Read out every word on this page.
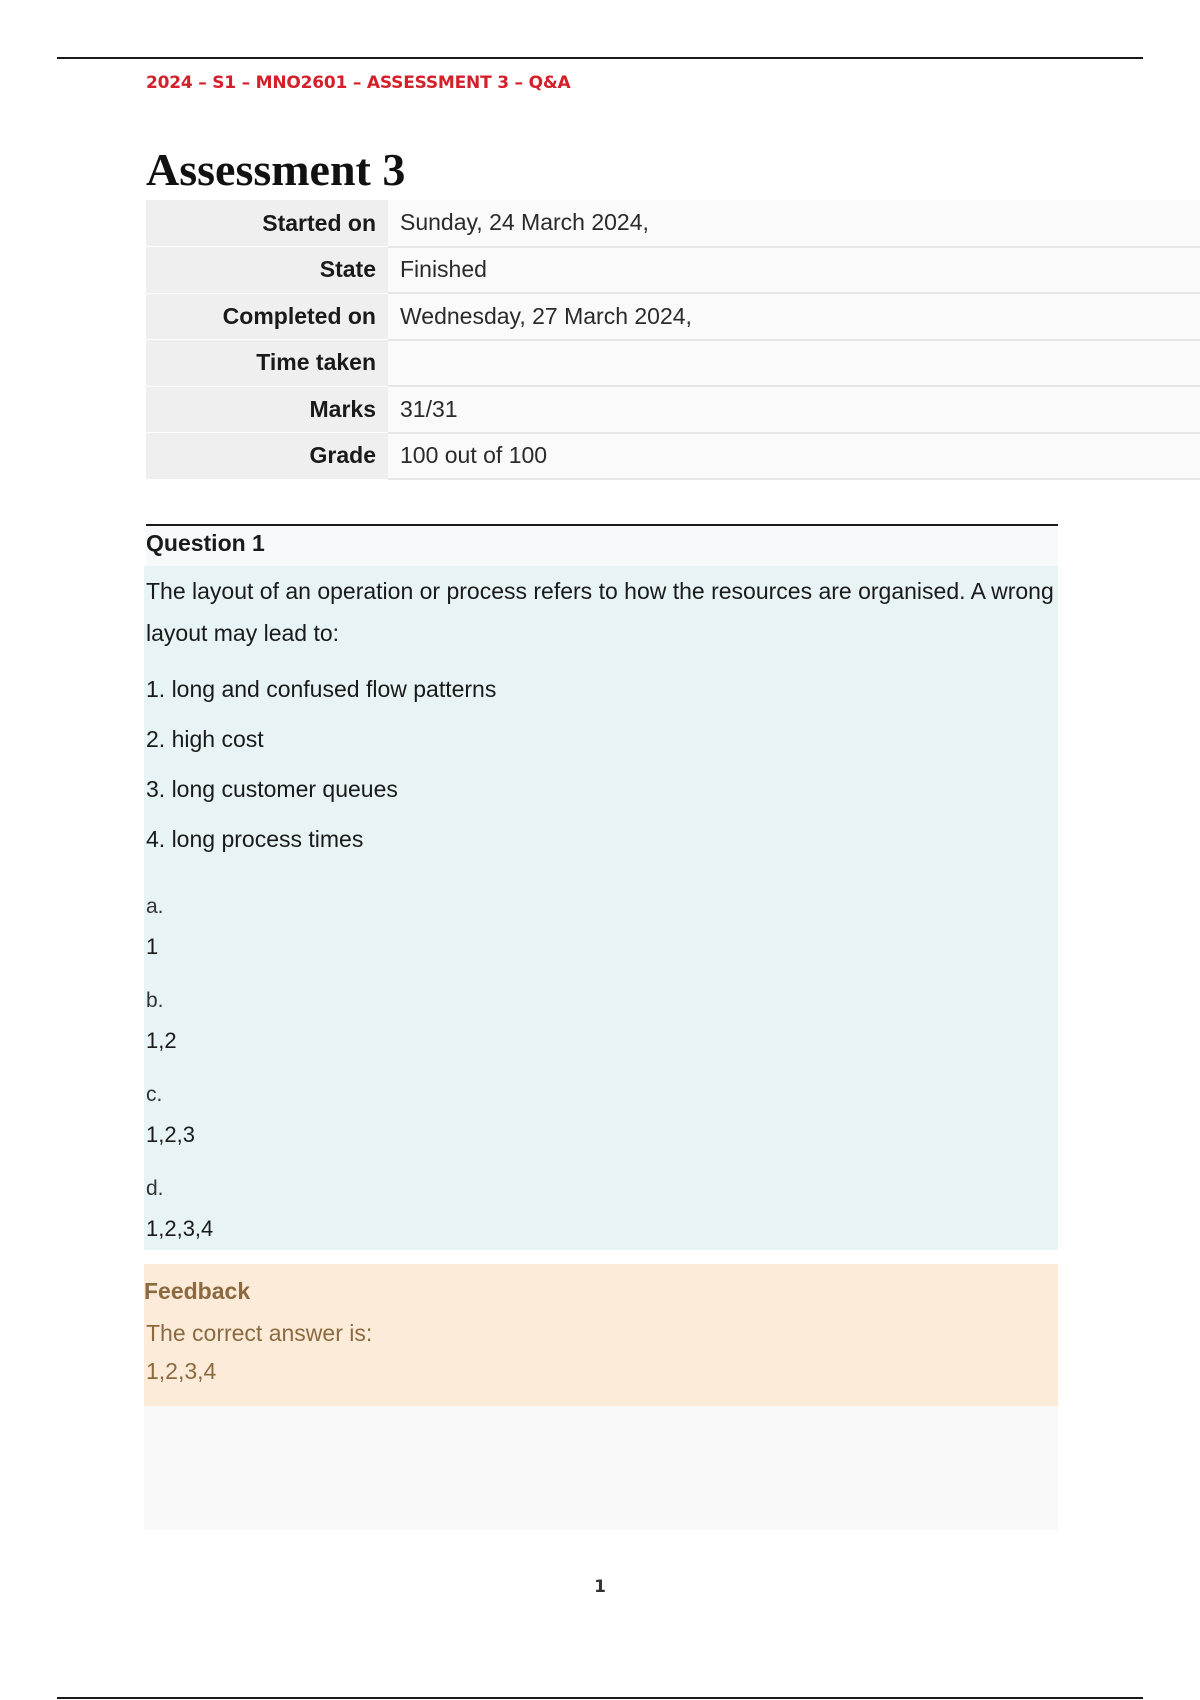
2024 – S1 – MNO2601 – ASSESSMENT 3 – Q&A
Assessment 3
Started on	Sunday, 24 March 2024,
State	Finished
Completed on	Wednesday, 27 March 2024,
Time taken	
Marks	31/31
Grade	100 out of 100
Question 1

The layout of an operation or process refers to how the resources are organised. A wrong layout may lead to:

1. long and confused flow patterns

2. high cost

3. long customer queues

4. long process times

a.

1

b.

1,2

c.

1,2,3

d.

1,2,3,4

Feedback

The correct answer is:

1,2,3,4

1
